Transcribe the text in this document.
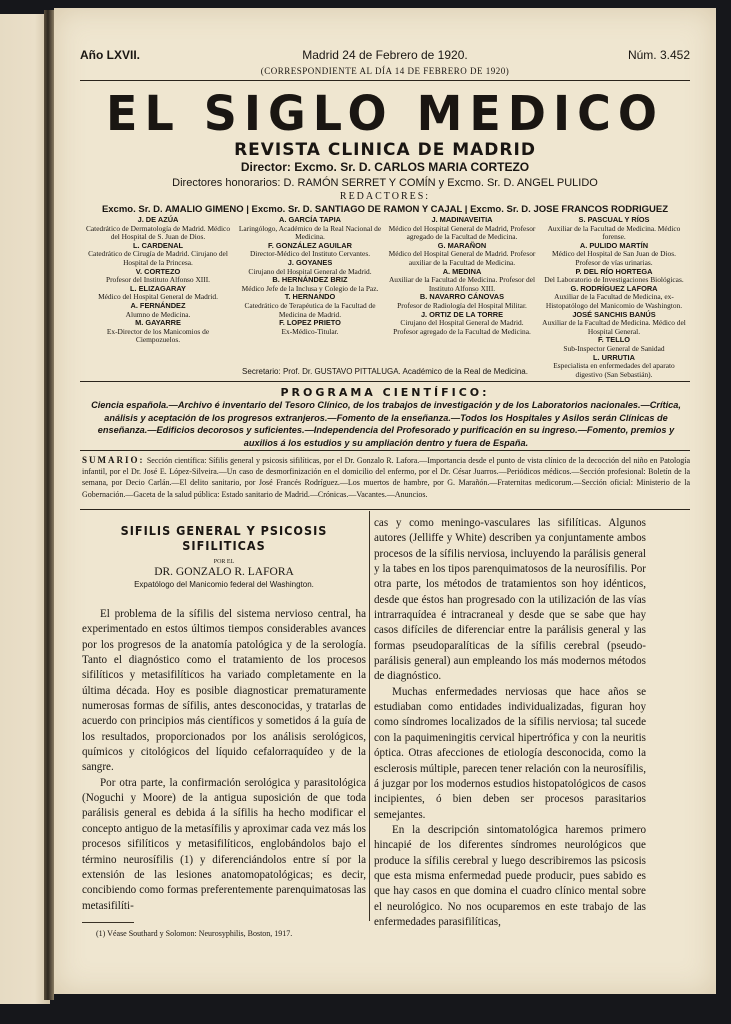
Año LXVII.	Madrid 24 de Febrero de 1920.	Núm. 3.452
(CORRESPONDIENTE AL DÍA 14 DE FEBRERO DE 1920)
EL SIGLO MEDICO
REVISTA CLINICA DE MADRID
Director: Excmo. Sr. D. CARLOS MARIA CORTEZO
Directores honorarios: D. RAMÓN SERRET Y COMÍN y Excmo. Sr. D. ANGEL PULIDO
REDACTORES:
Excmo. Sr. D. AMALIO GIMENO | Excmo. Sr. D. SANTIAGO DE RAMON Y CAJAL | Excmo. Sr. D. JOSE FRANCOS RODRIGUEZ
J. DE AZÚA
Catedrático de Dermatología de Madrid. Médico del Hospital de S. Juan de Dios.
L. CARDENAL
Catedrático de Cirugía de Madrid. Cirujano del Hospital de la Princesa.
V. CORTEZO
Profesor del Instituto Alfonso XIII.
L. ELIZAGARAY
Médico del Hospital General de Madrid.
A. FERNÁNDEZ
Alumno de Medicina.
M. GAYARRE
Ex-Director de los Manicomios de Ciempozuelos.
A. GARCÍA TAPIA
Laringólogo, Académico de la Real Nacional de Medicina.
F. GONZÁLEZ AGUILAR
Director-Médico del Instituto Cervantes.
J. GOYANES
Cirujano del Hospital General de Madrid.
B. HERNÁNDEZ BRIZ
Médico Jefe de la Inclusa y Colegio de la Paz.
T. HERNANDO
Catedrático de Terapéutica de la Facultad de Medicina de Madrid.
F. LOPEZ PRIETO
Ex-Médico-Titular.
J. MADINAVEITIA
Médico del Hospital General de Madrid, Profesor agregado de la Facultad de Medicina.
G. MARAÑON
Médico del Hospital General de Madrid. Profesor auxiliar de la Facultad de Medicina.
A. MEDINA
Auxiliar de la Facultad de Medicina. Profesor del Instituto Alfonso XIII.
B. NAVARRO CÁNOVAS
Profesor de Radiología del Hospital Militar.
J. ORTIZ DE LA TORRE
Cirujano del Hospital General de Madrid. Profesor agregado de la Facultad de Medicina.
S. PASCUAL Y RÍOS
Auxiliar de la Facultad de Medicina. Médico forense.
A. PULIDO MARTÍN
Médico del Hospital de San Juan de Dios. Profesor de vías urinarias.
P. DEL RÍO HORTEGA
Del Laboratorio de Investigaciones Biológicas.
G. RODRÍGUEZ LAFORA
Auxiliar de la Facultad de Medicina, ex-Histopatólogo del Manicomio de Washington.
JOSÉ SANCHIS BANÚS
Auxiliar de la Facultad de Medicina. Médico del Hospital General.
F. TELLO
Sub-Inspector General de Sanidad
L. URRUTIA
Especialista en enfermedades del aparato digestivo (San Sebastián).
Secretario: Prof. Dr. GUSTAVO PITTALUGA. Académico de la Real de Medicina.
PROGRAMA CIENTÍFICO:
Ciencia española.—Archivo é inventario del Tesoro Clínico, de los trabajos de investigación y de los Laboratorios nacionales.—Crítica, análisis y aceptación de los progresos extranjeros.—Fomento de la enseñanza.—Todos los Hospitales y Asilos serán Clínicas de enseñanza.—Edificios decorosos y suficientes.—Independencia del Profesorado y purificación en su ingreso.—Fomento, premios y auxilios á los estudios y su ampliación dentro y fuera de España.
SUMARIO: Sección científica: Sífilis general y psicosis sifilíticas, por el Dr. Gonzalo R. Lafora.—Importancia desde el punto de vista clínico de la decocción del niño en Patología infantil, por el Dr. José E. López-Silveira.—Un caso de desmorfinización en el domicilio del enfermo, por el Dr. César Juarros.—Periódicos médicos.—Sección profesional: Boletín de la semana, por Decio Carlán.—El delito sanitario, por José Francés Rodríguez.—Los muertos de hambre, por G. Marañón.—Fraternitas medicorum.—Sección oficial: Ministerio de la Gobernación.—Gaceta de la salud pública: Estado sanitario de Madrid.—Crónicas.—Vacantes.—Anuncios.
SIFILIS GENERAL Y PSICOSIS SIFILITICAS
POR EL
DR. GONZALO R. LAFORA
Expatólogo del Manicomio federal del Washington.

El problema de la sífilis del sistema nervioso central, ha experimentado en estos últimos tiempos considerables avances por los progresos de la anatomía patológica y de la serología. Tanto el diagnóstico como el tratamiento de los procesos sifilíticos y metasifilíticos ha variado completamente en la última década. Hoy es posible diagnosticar prematuramente numerosas formas de sífilis, antes desconocidas, y tratarlas de acuerdo con principios más científicos y sometidos á la guía de los resultados, proporcionados por los análisis serológicos, químicos y citológicos del líquido cefalorraquídeo y de la sangre.

Por otra parte, la confirmación serológica y parasitológica (Noguchi y Moore) de la antigua suposición de que toda parálisis general es debida á la sífilis ha hecho modificar el concepto antiguo de la metasífilis y aproximar cada vez más los procesos sifilíticos y metasifilíticos, englobándolos bajo el término neurosífilis (1) y diferenciándolos entre sí por la extensión de las lesiones anatomopatológicas; es decir, concibiendo como formas preferentemente parenquimatosas las metasifilíti-

(1) Véase Southard y Solomon: Neurosyphilis, Boston, 1917.

cas y como meningo-vasculares las sifilíticas. Algunos autores (Jelliffe y White) describen ya conjuntamente ambos procesos de la sífilis nerviosa, incluyendo la parálisis general y la tabes en los tipos parenquimatosos de la neurosífilis. Por otra parte, los métodos de tratamientos son hoy idénticos, desde que éstos han progresado con la utilización de las vías intrarraquídea é intracraneal y desde que se sabe que hay casos difíciles de diferenciar entre la parálisis general y las formas pseudoparalíticas de la sífilis cerebral (pseudo-parálisis general) aun empleando los más modernos métodos de diagnóstico.

Muchas enfermedades nerviosas que hace años se estudiaban como entidades individualizadas, figuran hoy como síndromes localizados de la sífilis nerviosa; tal sucede con la paquimeningitis cervical hipertrófica y con la neuritis óptica. Otras afecciones de etiología desconocida, como la esclerosis múltiple, parecen tener relación con la neurosífilis, á juzgar por los modernos estudios histopatológicos de casos incipientes, ó bien deben ser procesos parasitarios semejantes.

En la descripción sintomatológica haremos primero hincapié de los diferentes síndromes neurológicos que produce la sífilis cerebral y luego describiremos las psicosis que esta misma enfermedad puede producir, pues sabido es que hay casos en que domina el cuadro clínico mental sobre el neurológico. No nos ocuparemos en este trabajo de las enfermedades parasifilíticas,
